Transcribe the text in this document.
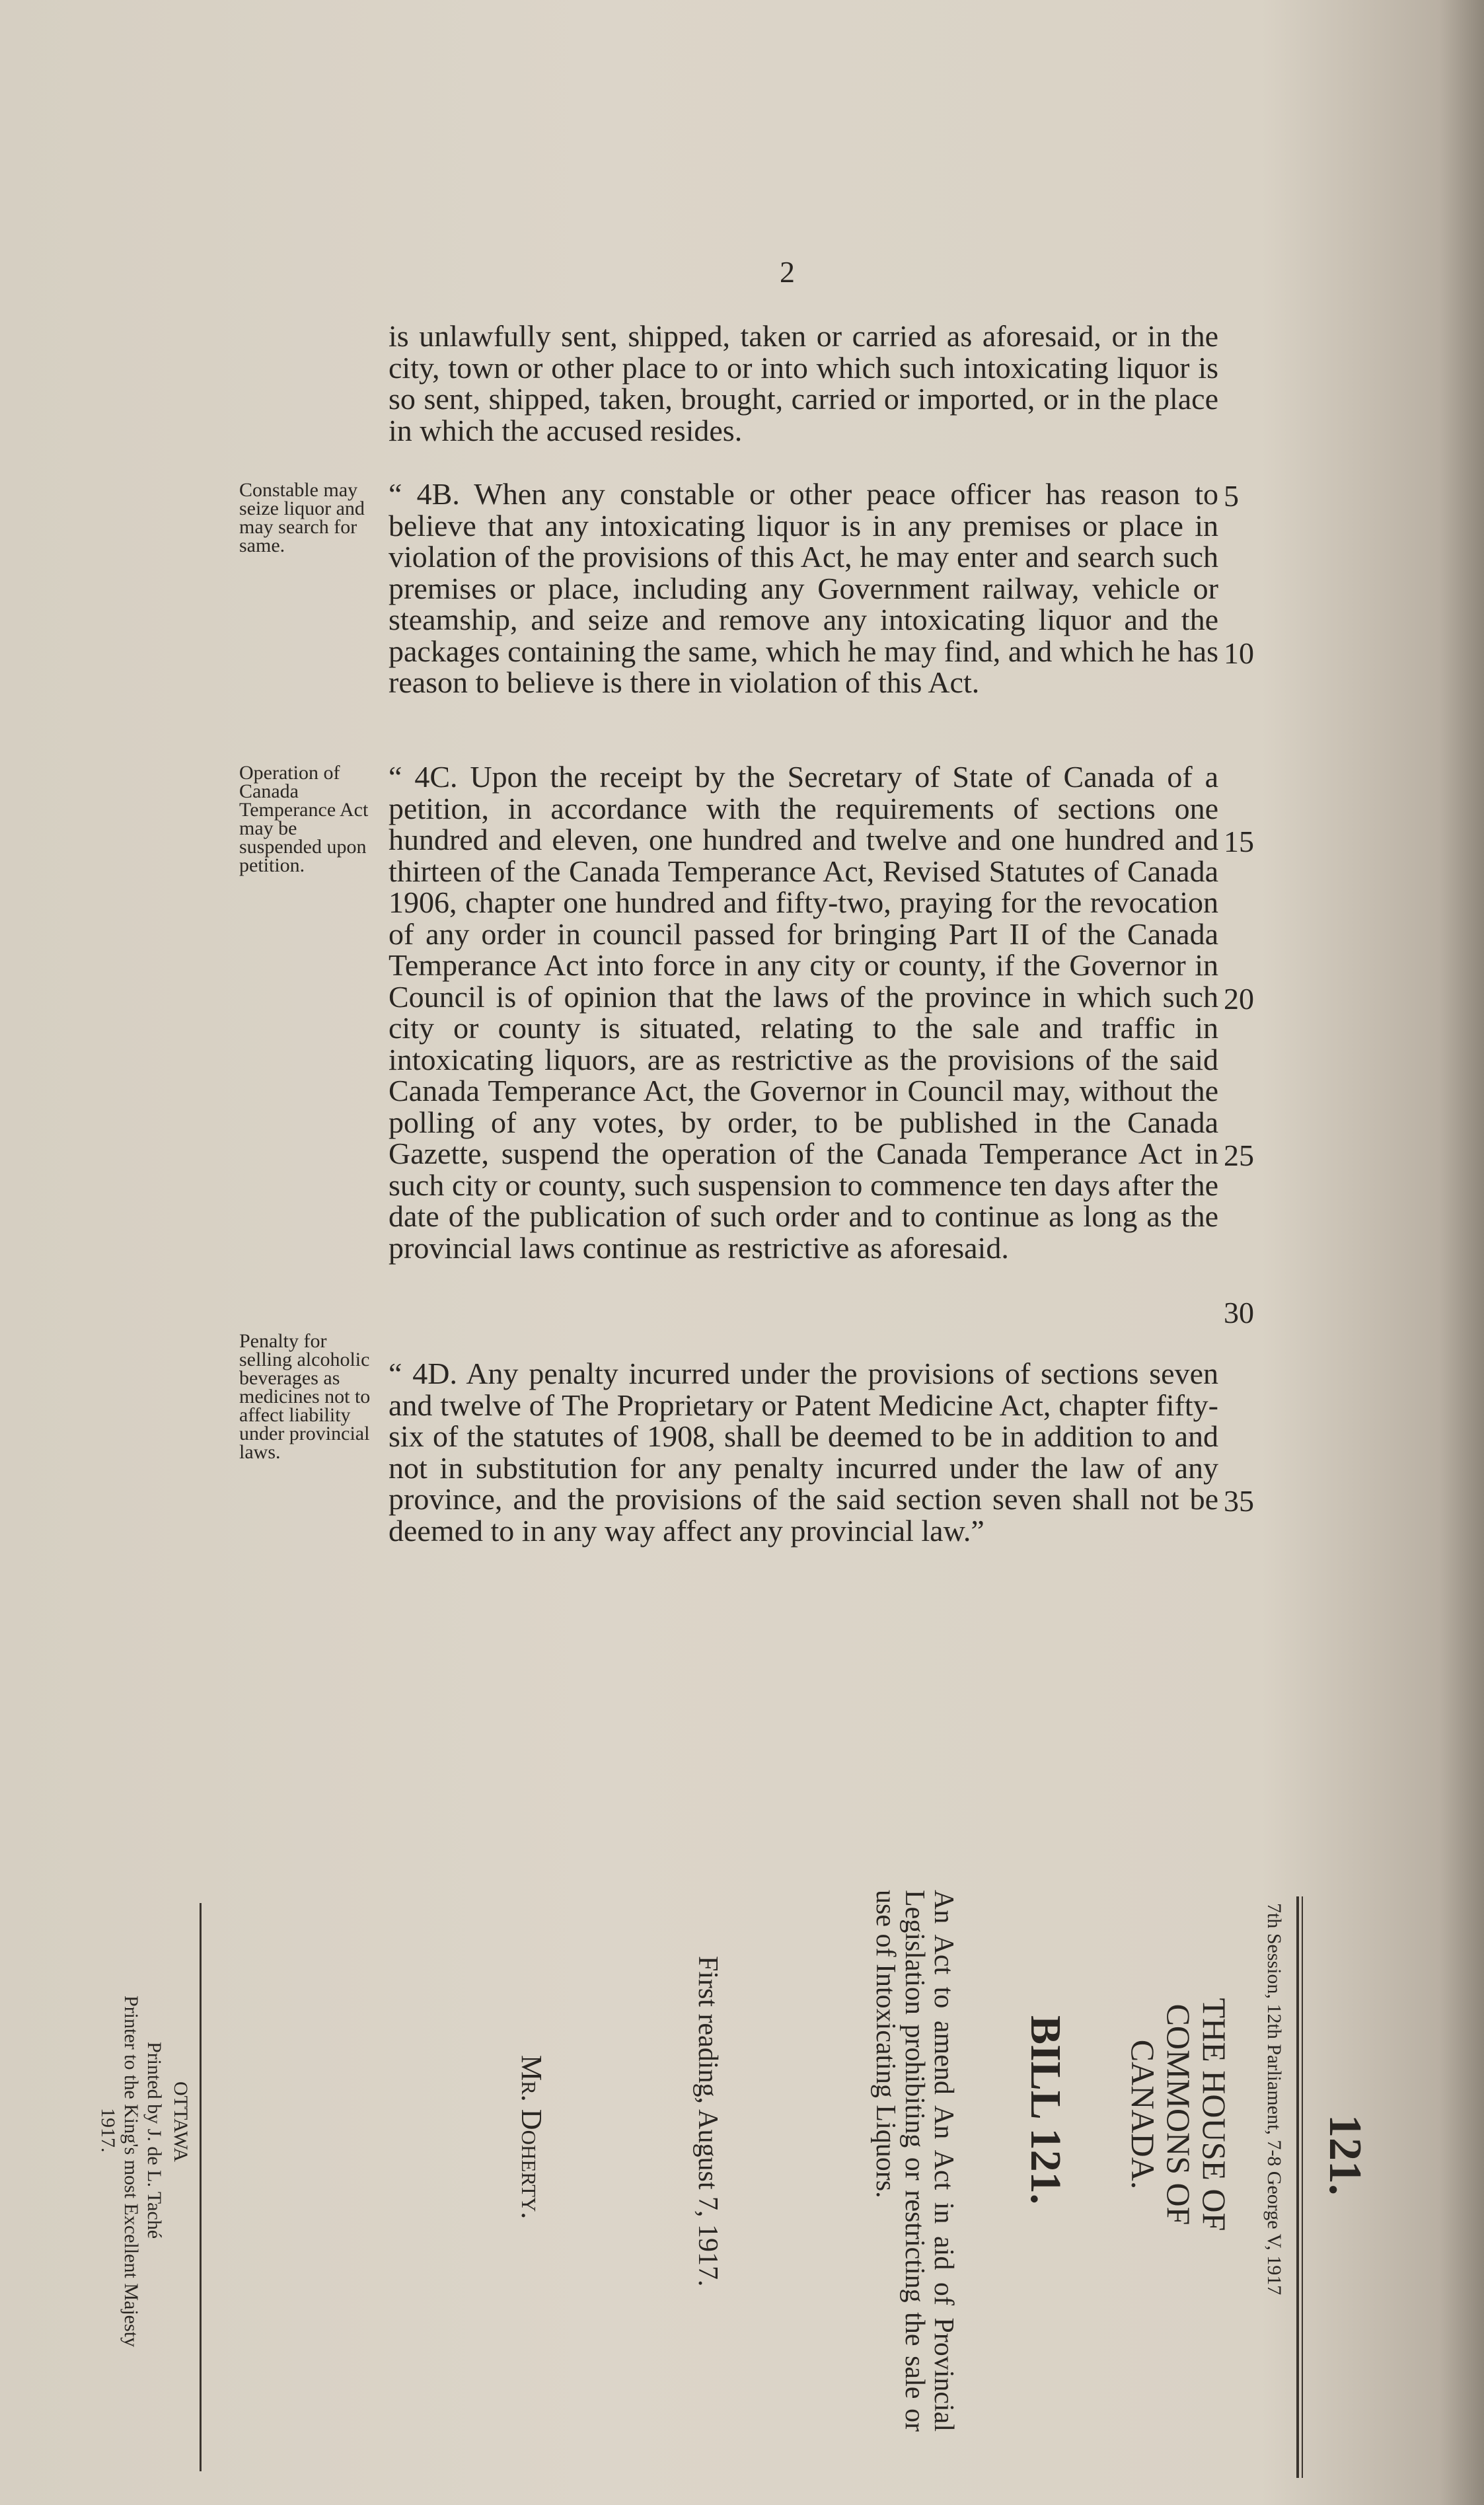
2

is unlawfully sent, shipped, taken or carried as aforesaid, or in the city, town or other place to or into which such intoxicating liquor is so sent, shipped, taken, brought, carried or imported, or in the place in which the accused resides.

Constable may seize liquor and may search for same.
“ 4B. When any constable or other peace officer has reason to believe that any intoxicating liquor is in any premises or place in violation of the provisions of this Act, he may enter and search such premises or place, including any Government railway, vehicle or steamship, and seize and remove any intoxicating liquor and the packages containing the same, which he may find, and which he has reason to believe is there in violation of this Act.
Operation of Canada Temperance Act may be suspended upon petition.
“ 4C. Upon the receipt by the Secretary of State of Canada of a petition, in accordance with the requirements of sections one hundred and eleven, one hundred and twelve and one hundred and thirteen of the Canada Temperance Act, Revised Statutes of Canada 1906, chapter one hundred and fifty-two, praying for the revocation of any order in council passed for bringing Part II of the Canada Temperance Act into force in any city or county, if the Governor in Council is of opinion that the laws of the province in which such city or county is situated, relating to the sale and traffic in intoxicating liquors, are as restrictive as the provisions of the said Canada Temperance Act, the Governor in Council may, without the polling of any votes, by order, to be published in the Canada Gazette, suspend the operation of the Canada Temperance Act in such city or county, such suspension to commence ten days after the date of the publication of such order and to continue as long as the provincial laws continue as restrictive as aforesaid.
Penalty for selling alcoholic beverages as medicines not to affect liability under provincial laws.
“ 4D. Any penalty incurred under the provisions of sections seven and twelve of The Proprietary or Patent Medicine Act, chapter fifty-six of the statutes of 1908, shall be deemed to be in addition to and not in substitution for any penalty incurred under the law of any province, and the provisions of the said section seven shall not be deemed to in any way affect any provincial law.”
5
10
15
20
25
30
35
121.
7th Session, 12th Parliament, 7-8 George V, 1917
THE HOUSE OF COMMONS OF CANADA.
BILL 121.
An Act to amend An Act in aid of Provincial Legislation prohibiting or restricting the sale or use of Intoxicating Liquors.
First reading, August 7, 1917.
Mr. Doherty.
OTTAWA
Printed by J. de L. Taché
Printer to the King's most Excellent Majesty
1917.
